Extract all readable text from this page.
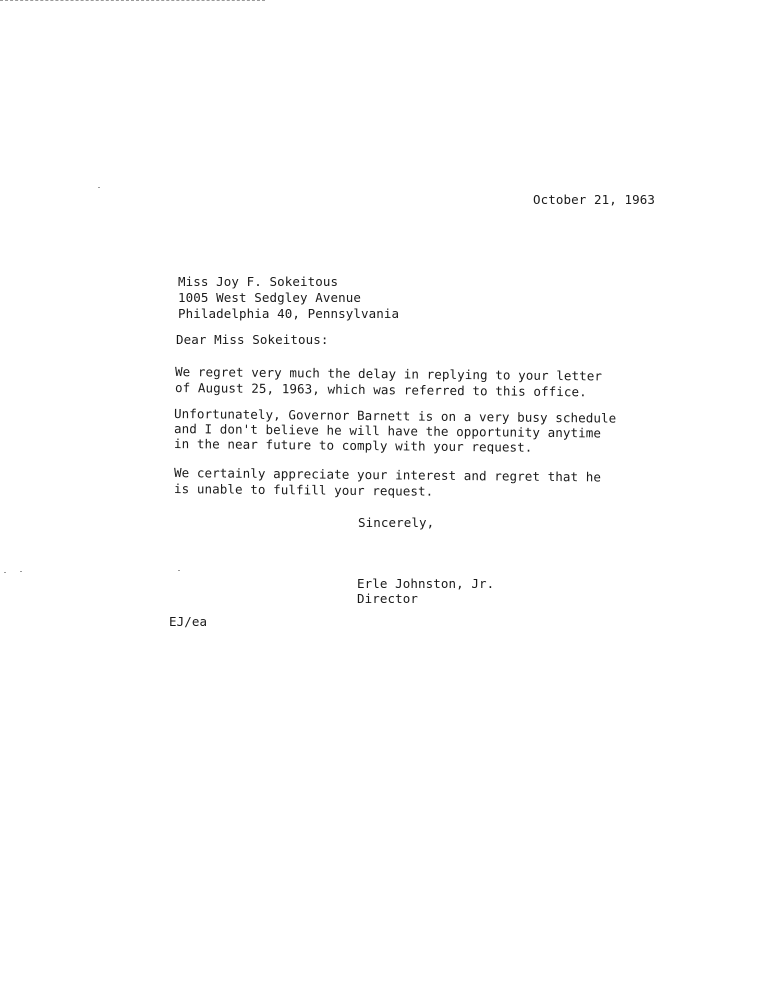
October 21, 1963
Miss Joy F. Sokeitous
1005 West Sedgley Avenue
Philadelphia 40, Pennsylvania
Dear Miss Sokeitous:
We regret very much the delay in replying to your letter
of August 25, 1963, which was referred to this office.
Unfortunately, Governor Barnett is on a very busy schedule
and I don't believe he will have the opportunity anytime
in the near future to comply with your request.
We certainly appreciate your interest and regret that he
is unable to fulfill your request.
Sincerely,
Erle Johnston, Jr.
Director
EJ/ea
